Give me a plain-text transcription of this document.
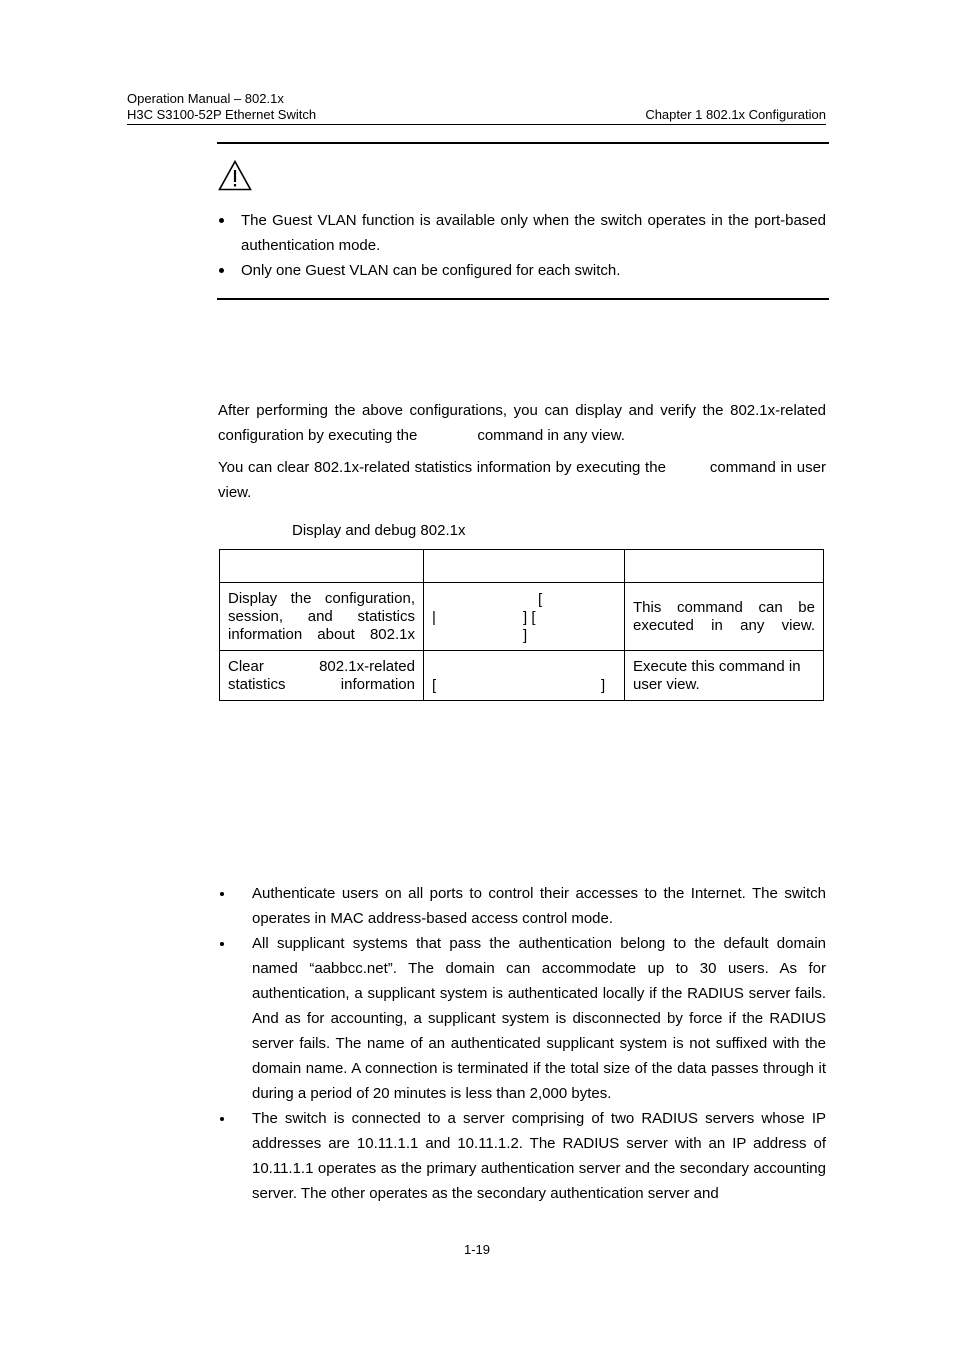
Operation Manual – 802.1x
H3C S3100-52P Ethernet Switch	Chapter 1 802.1x Configuration
The Guest VLAN function is available only when the switch operates in the port-based authentication mode.
Only one Guest VLAN can be configured for each switch.
After performing the above configurations, you can display and verify the 802.1x-related configuration by executing the	command in any view.
You can clear 802.1x-related statistics information by executing the	command in user view.
Display and debug 802.1x

Display the configuration, session, and statistics information about 802.1x	[
| ] [
]	This command can be executed in any view.
Clear 802.1x-related statistics information	[ ]	Execute this command in user view.
Authenticate users on all ports to control their accesses to the Internet. The switch operates in MAC address-based access control mode.
All supplicant systems that pass the authentication belong to the default domain named “aabbcc.net”. The domain can accommodate up to 30 users. As for authentication, a supplicant system is authenticated locally if the RADIUS server fails. And as for accounting, a supplicant system is disconnected by force if the RADIUS server fails. The name of an authenticated supplicant system is not suffixed with the domain name. A connection is terminated if the total size of the data passes through it during a period of 20 minutes is less than 2,000 bytes.
The switch is connected to a server comprising of two RADIUS servers whose IP addresses are 10.11.1.1 and 10.11.1.2. The RADIUS server with an IP address of 10.11.1.1 operates as the primary authentication server and the secondary accounting server. The other operates as the secondary authentication server and
1-19
